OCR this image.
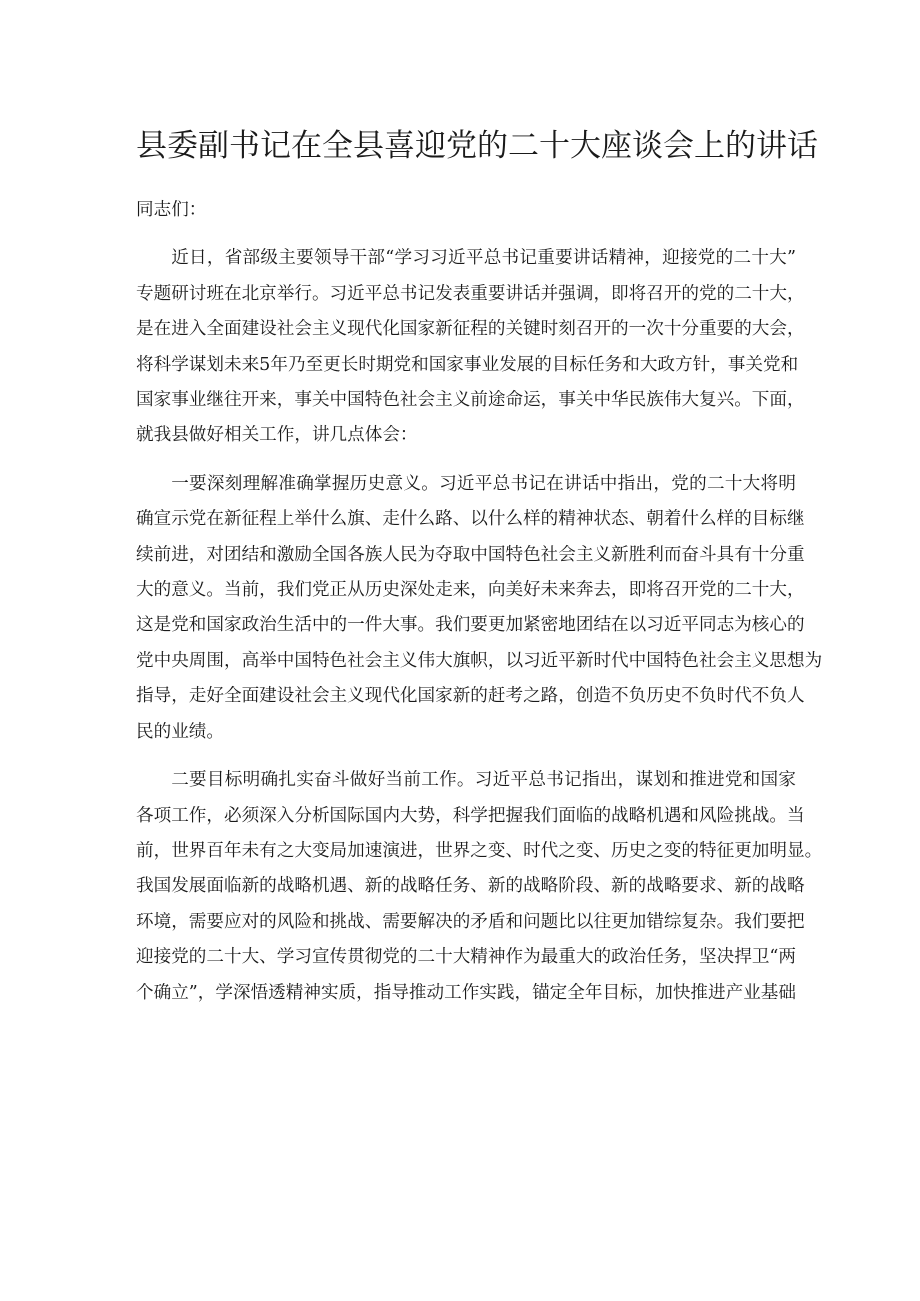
县委副书记在全县喜迎党的二十大座谈会上的讲话

同志们：

近日，省部级主要领导干部“学习习近平总书记重要讲话精神，迎接党的二十大”
专题研讨班在北京举行。习近平总书记发表重要讲话并强调，即将召开的党的二十大，
是在进入全面建设社会主义现代化国家新征程的关键时刻召开的一次十分重要的大会，
将科学谋划未来5年乃至更长时期党和国家事业发展的目标任务和大政方针，事关党和
国家事业继往开来，事关中国特色社会主义前途命运，事关中华民族伟大复兴。下面，
就我县做好相关工作，讲几点体会：

一要深刻理解准确掌握历史意义。习近平总书记在讲话中指出，党的二十大将明
确宣示党在新征程上举什么旗、走什么路、以什么样的精神状态、朝着什么样的目标继
续前进，对团结和激励全国各族人民为夺取中国特色社会主义新胜利而奋斗具有十分重
大的意义。当前，我们党正从历史深处走来，向美好未来奔去，即将召开党的二十大，
这是党和国家政治生活中的一件大事。我们要更加紧密地团结在以习近平同志为核心的
党中央周围，高举中国特色社会主义伟大旗帜，以习近平新时代中国特色社会主义思想为
指导，走好全面建设社会主义现代化国家新的赶考之路，创造不负历史不负时代不负人
民的业绩。

二要目标明确扎实奋斗做好当前工作。习近平总书记指出，谋划和推进党和国家
各项工作，必须深入分析国际国内大势，科学把握我们面临的战略机遇和风险挑战。当
前，世界百年未有之大变局加速演进，世界之变、时代之变、历史之变的特征更加明显。
我国发展面临新的战略机遇、新的战略任务、新的战略阶段、新的战略要求、新的战略
环境，需要应对的风险和挑战、需要解决的矛盾和问题比以往更加错综复杂。我们要把
迎接党的二十大、学习宣传贯彻党的二十大精神作为最重大的政治任务，坚决捍卫“两
个确立”，学深悟透精神实质，指导推动工作实践，锚定全年目标，加快推进产业基础
